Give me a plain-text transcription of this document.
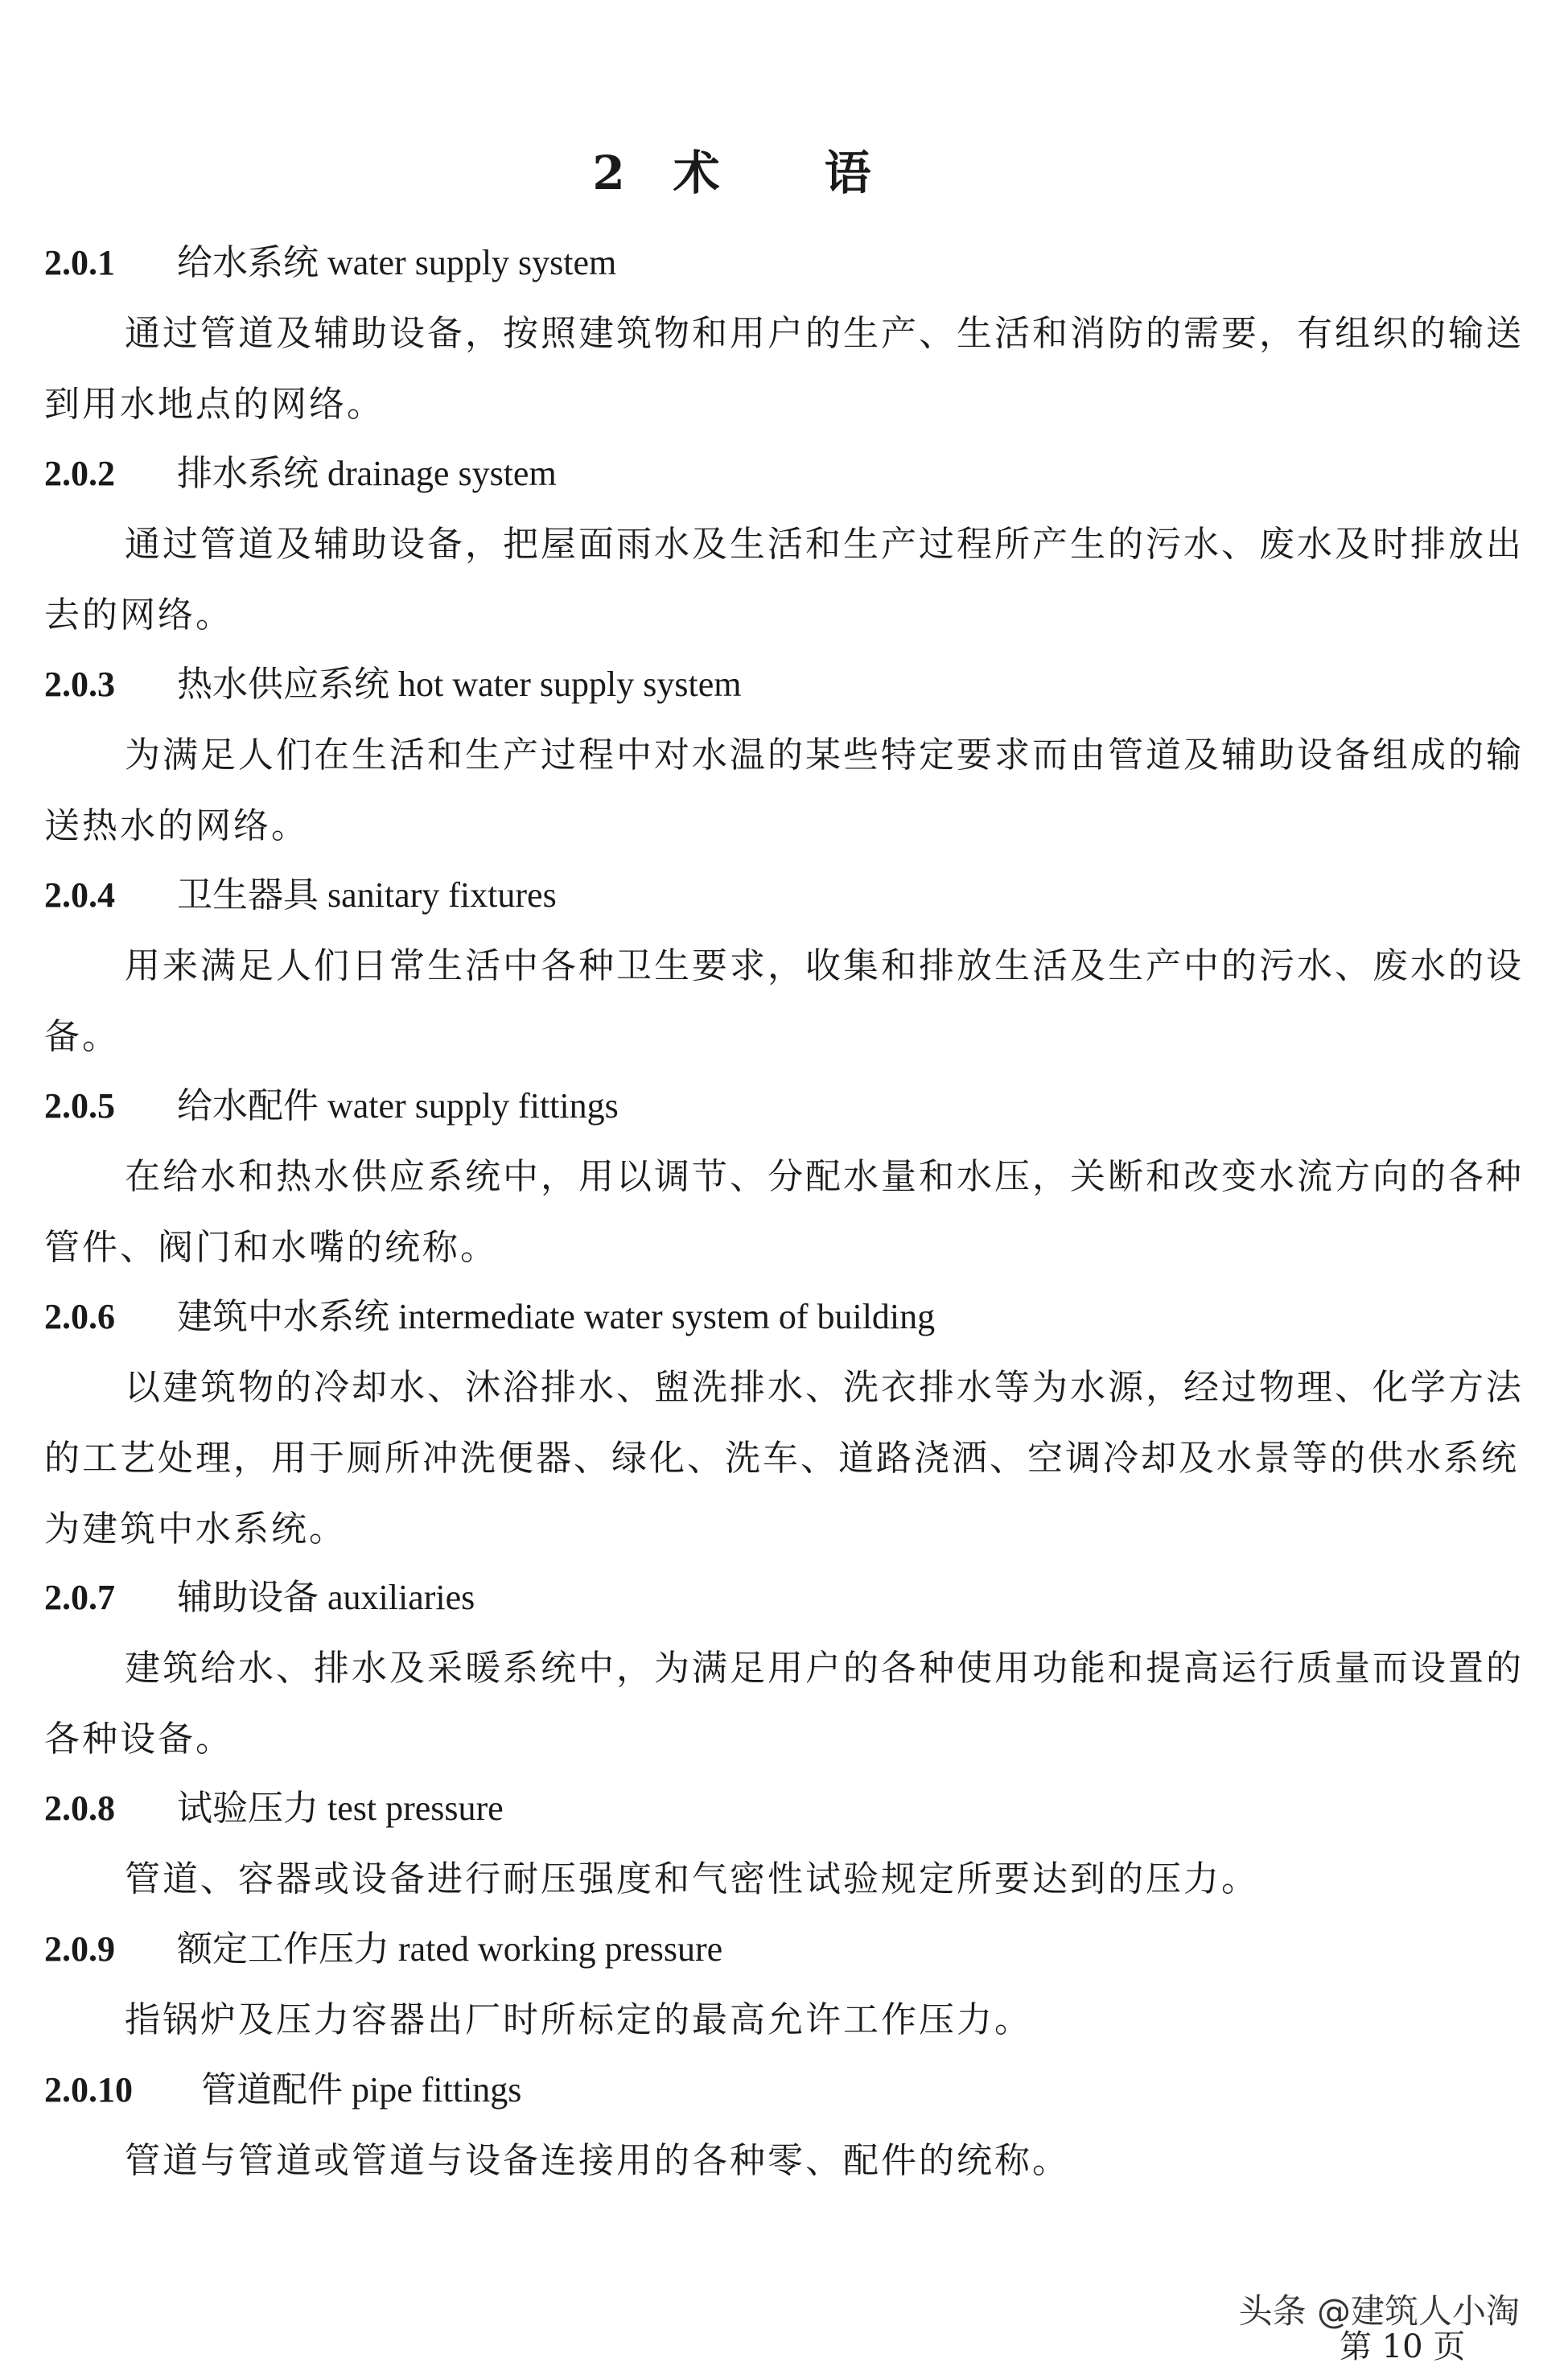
2 术语
2.0.1 给水系统 water supply system

通过管道及辅助设备，按照建筑物和用户的生产、生活和消防的需要，有组织的输送到用水地点的网络。

2.0.2 排水系统 drainage system

通过管道及辅助设备，把屋面雨水及生活和生产过程所产生的污水、废水及时排放出去的网络。

2.0.3 热水供应系统 hot water supply system

为满足人们在生活和生产过程中对水温的某些特定要求而由管道及辅助设备组成的输送热水的网络。

2.0.4 卫生器具 sanitary fixtures

用来满足人们日常生活中各种卫生要求，收集和排放生活及生产中的污水、废水的设备。

2.0.5 给水配件 water supply fittings

在给水和热水供应系统中，用以调节、分配水量和水压，关断和改变水流方向的各种管件、阀门和水嘴的统称。

2.0.6 建筑中水系统 intermediate water system of building

以建筑物的冷却水、沐浴排水、盥洗排水、洗衣排水等为水源，经过物理、化学方法的工艺处理，用于厕所冲洗便器、绿化、洗车、道路浇洒、空调冷却及水景等的供水系统为建筑中水系统。

2.0.7 辅助设备 auxiliaries

建筑给水、排水及采暖系统中，为满足用户的各种使用功能和提高运行质量而设置的各种设备。

2.0.8 试验压力 test pressure

管道、容器或设备进行耐压强度和气密性试验规定所要达到的压力。

2.0.9 额定工作压力 rated working pressure

指锅炉及压力容器出厂时所标定的最高允许工作压力。

2.0.10 管道配件 pipe fittings

管道与管道或管道与设备连接用的各种零、配件的统称。

第 10 页
头条 @建筑人小淘
